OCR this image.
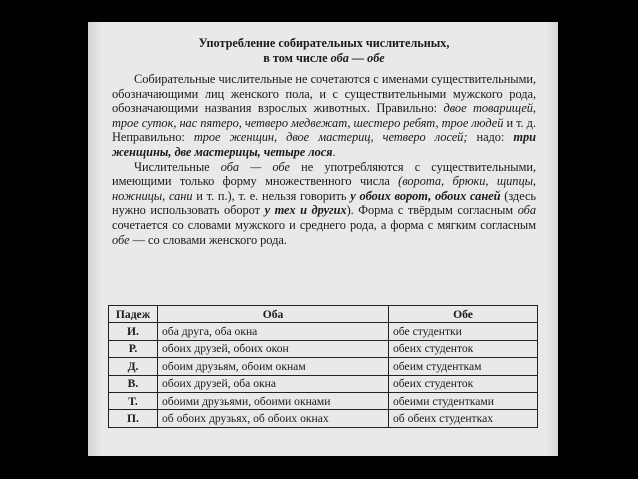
Употребление собирательных числительных,
в том числе оба — обе

Собирательные числительные не сочетаются с именами существительными, обозначающими лиц женского пола, и с существительными мужского рода, обозначающими названия взрослых животных. Правильно: двое товарищей, трое суток, нас пятеро, четверо медвежат, шестеро ребят, трое людей и т. д. Неправильно: трое женщин, двое мастериц, четверо лосей; надо: три женщины, две мастерицы, четыре лося.

Числительные оба — обе не употребляются с существительными, имеющими только форму множественного числа (ворота, брюки, щипцы, ножницы, сани и т. п.), т. е. нельзя говорить у обоих ворот, обоих саней (здесь нужно использовать оборот у тех и других). Форма с твёрдым согласным оба сочетается со словами мужского и среднего рода, а форма с мягким согласным обе — со словами женского рода.

Падеж	Оба	Обе
И.	оба друга, оба окна	обе студентки
Р.	обоих друзей, обоих окон	обеих студенток
Д.	обоим друзьям, обоим окнам	обеим студенткам
В.	обоих друзей, оба окна	обеих студенток
Т.	обоими друзьями, обоими окнами	обеими студентками
П.	об обоих друзьях, об обоих окнах	об обеих студентках
